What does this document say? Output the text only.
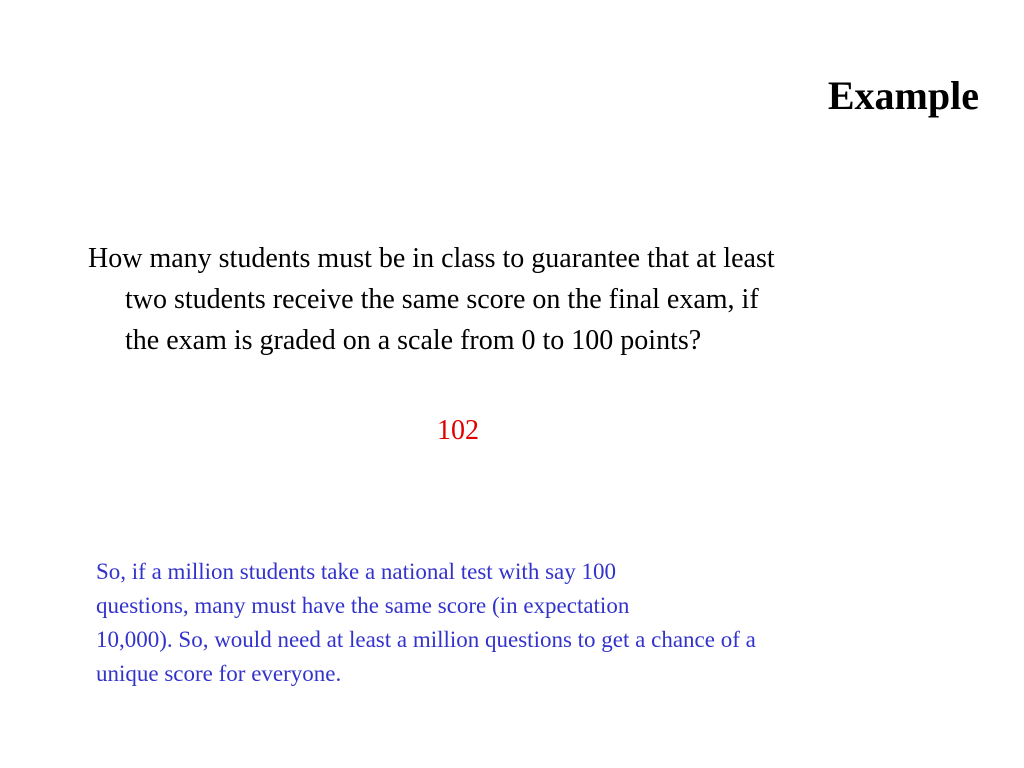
Example

How many students must be in class to guarantee that at least
two students receive the same score on the final exam, if
the exam is graded on a scale from 0 to 100 points?

102

So, if a million students take a national test with say 100
questions, many must have the same score (in expectation
10,000). So, would need at least a million questions to get a chance of a
unique score for everyone.
